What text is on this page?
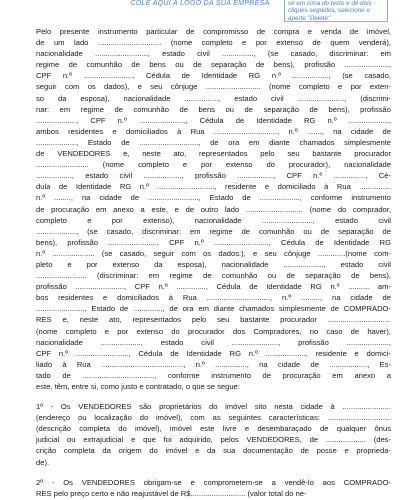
COLE AQUI A LOGO DA SUA EMPRESA	se em cima do texto e dê dois
cliques seguidos, selecione e
aperte "Delete"
Pelo presente instrumento particular de compromisso de compra e venda de imóvel,
de um lado .............................. (nome completo e por extenso de quem venderá),
nacionalidade ........................., estado civil ..............., (se casado, discriminar: em
regime de comunhão de bens ou de separação de bens), profissão .....................,
CPF n.º ......................., Cédula de Identidade RG n.º ................., (se casado,
seguir com os dados), e seu cônjuge .......................... (nome completo e por exten-
so da esposa), nacionalidade ................, estado civil ......................, (discrimi-
nar: em regime de comunhão de bens ou de separação de bens), profissão
..................., CPF n.º ......................, Cédula de Identidade RG n.º ...................,
ambos residentes e domiciliados à Rua .............................., n.º ......., na cidade de
..................., Estado de ............................, de ora em diante chamados simplesmente
de VENDEDORES e, neste ato, representados pelo seu bastante procurador
......................... (nome completo e por extenso do procurador), nacionalidade
................., estado civil .................., profissão ................., CPF n.º ..............., Cé-
dula de Identidade RG n.º ..........................., residente e domiciliado à Rua ...............
n.º ........, na cidade de ........................, Estado de ..................., conforme instrumento
de procuração em anexo a este, e de outro lado ........................... (nome do comprador,
completo e por extenso), nacionalidade ........................, estado civil
..................., (se casado, discriminar: em regime de comunhão ou de separação de
bens), profissão ......................., CPF n.º .........................., Cédula de Identidade RG
n.º .................... (se casado, seguir com os dados:), e seu cônjuge .............(nome com-
pleto e por extenso da esposa), nacionalidade ..................., estado civil
........................ (discriminar: em regime de comunhão ou de separação de bens),
profissão ......................., CPF n.º .............., Cédula de Identidade RG n.º .......... am-
bos residentes e domiciliados à Rua .............................., n.º ........., na cidade de
......................., Estado de .............., de ora em diante chamados simplesmente de COMPRADO-
RES e, neste ato, representados pelo seu bastante procurador ..............................
(nome completo e por extenso do procurador dos Compradores, no caso de haver),
nacionalidade ..................., estado civil ......................, profissão ....................,
CPF n.º ........................., Cédula de Identidade RG n.º ..................., residente e domici-
liado à Rua ......................................., n.º ..............., na cidade de .................., Es-
tado de .................................., conforme instrumento de procuração em anexo a
este, têm, entre si, como justo e contratado, o que se segue:
1º - Os VENDEDORES são proprietários do imóvel sito nesta cidade à .......................
(endereço ou localização do imóvel), com as seguintes características: ..............................
(descrição completa do imóvel), imóvel este livre e desembaraçado de qualquer ônus
judicial ou extrajudicial e que foi adquirido, pelos VENDEDORES, de ................... (des-
crição completa da origem do imóvel e da sua documentação de posse e proprieda-
de).
2º - Os VENDEDORES obrigam-se e comprometem-se a vendê-lo aos COMPRADO-
RES pelo preço certo e não reajustável de R$.......................... (valor total do ne-
